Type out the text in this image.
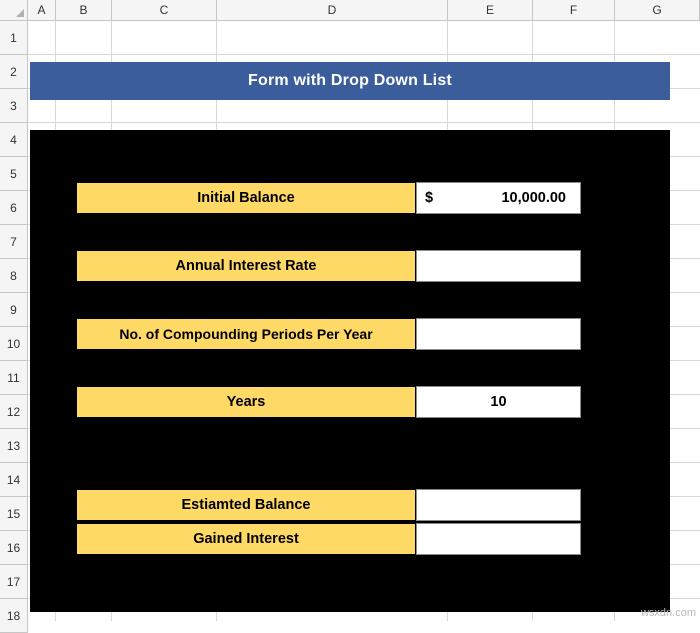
A	B	C	D	E	F	G
1
2
3
4
5
6
7
8
9
10
11
12
13
14
15
16
17
18
Form with Drop Down List
Initial Balance	$	10,000.00
Annual Interest Rate
No. of Compounding Periods Per Year
Years	10
Estiamted Balance
Gained Interest
wsxdn.com
